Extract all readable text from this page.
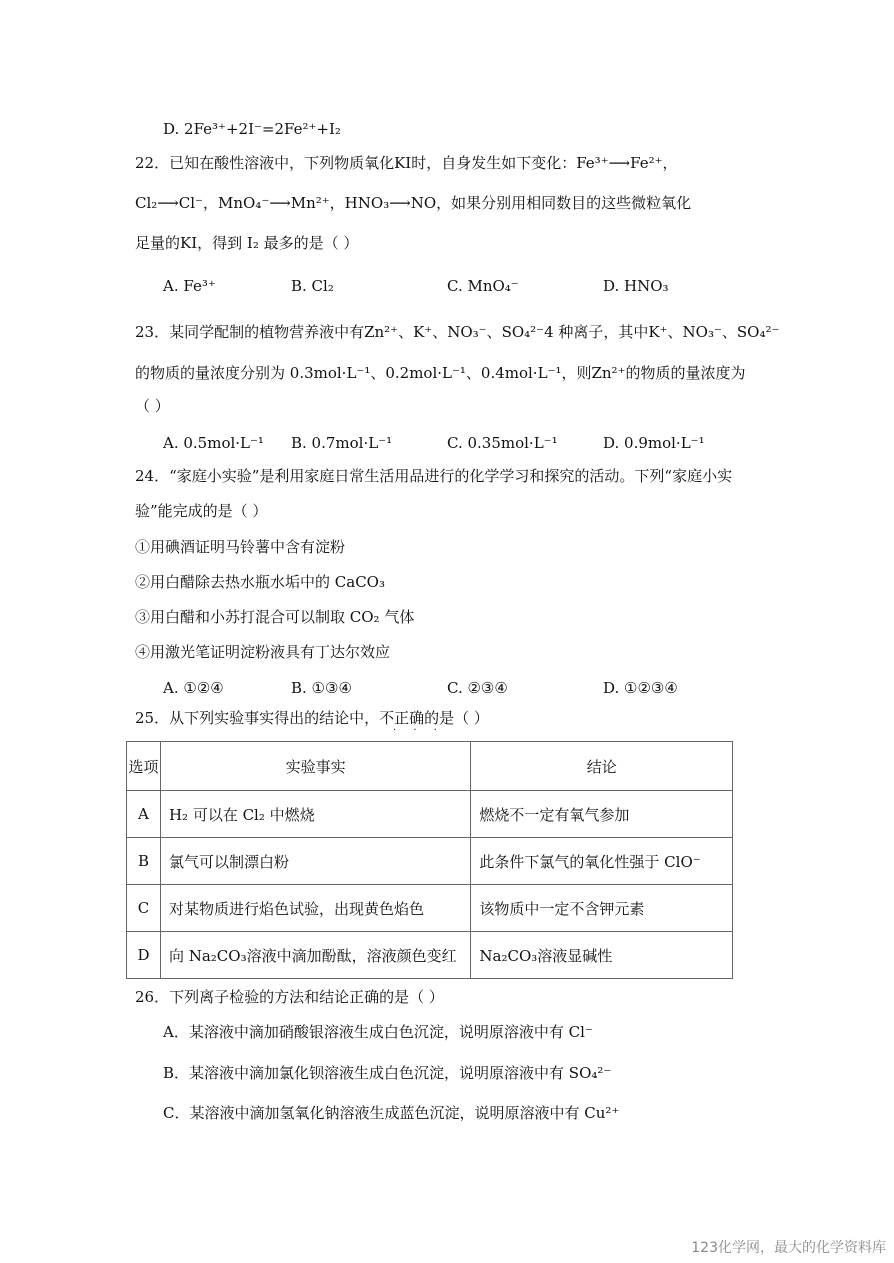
D. 2Fe³⁺+2I⁻=2Fe²⁺+I₂
22．已知在酸性溶液中，下列物质氧化KI时，自身发生如下变化：Fe³⁺⟶Fe²⁺，
Cl₂⟶Cl⁻，MnO₄⁻⟶Mn²⁺，HNO₃⟶NO，如果分别用相同数目的这些微粒氧化
足量的KI，得到 I₂ 最多的是（ ）
23．某同学配制的植物营养液中有Zn²⁺、K⁺、NO₃⁻、SO₄²⁻4 种离子，其中K⁺、NO₃⁻、SO₄²⁻
的物质的量浓度分别为 0.3mol·L⁻¹、0.2mol·L⁻¹、0.4mol·L⁻¹，则Zn²⁺的物质的量浓度为
（ ）
24．“家庭小实验”是利用家庭日常生活用品进行的化学学习和探究的活动。下列“家庭小实
验”能完成的是（ ）
①用碘酒证明马铃薯中含有淀粉
②用白醋除去热水瓶水垢中的 CaCO₃
③用白醋和小苏打混合可以制取 CO₂ 气体
④用激光笔证明淀粉液具有丁达尔效应
25．从下列实验事实得出的结论中，不正确的是（ ）
26．下列离子检验的方法和结论正确的是（ ）
A．某溶液中滴加硝酸银溶液生成白色沉淀，说明原溶液中有 Cl⁻
B．某溶液中滴加氯化钡溶液生成白色沉淀，说明原溶液中有 SO₄²⁻
C．某溶液中滴加氢氧化钠溶液生成蓝色沉淀，说明原溶液中有 Cu²⁺
A. Fe³⁺	B. Cl₂	C. MnO₄⁻	D. HNO₃
A. 0.5mol·L⁻¹ B. 0.7mol·L⁻¹	C. 0.35mol·L⁻¹	D. 0.9mol·L⁻¹
A. ①②④	B. ①③④	C. ②③④	D. ①②③④
· · ·
选项	实验事实	结论
A	H₂ 可以在 Cl₂ 中燃烧	燃烧不一定有氧气参加
B	氯气可以制漂白粉	此条件下氯气的氧化性强于 ClO⁻
C	对某物质进行焰色试验，出现黄色焰色	该物质中一定不含钾元素
D	向 Na₂CO₃溶液中滴加酚酞，溶液颜色变红	Na₂CO₃溶液显碱性
123化学网，最大的化学资料库
